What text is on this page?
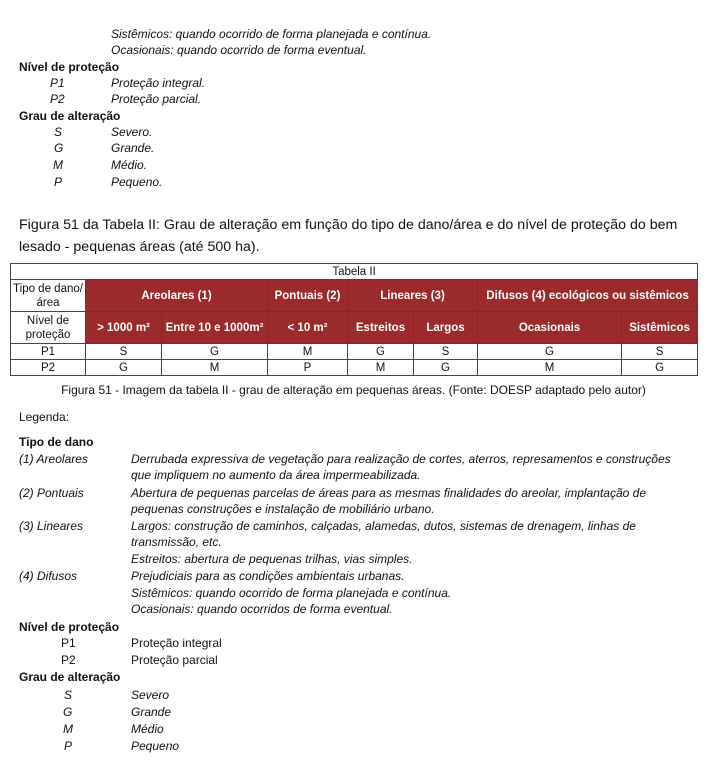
Sistêmicos: quando ocorrido de forma planejada e contínua.
Ocasionais: quando ocorrido de forma eventual.
Nível de proteção
P1	Proteção integral.
P2	Proteção parcial.
Grau de alteração
S	Severo.
G	Grande.
M	Médio.
P	Pequeno.
Figura 51 da Tabela II: Grau de alteração em função do tipo de dano/área e do nível de proteção do bem lesado - pequenas áreas (até 500 ha).
Tabela II							
Tipo de dano/área	Areolares (1)		Pontuais (2)	Lineares (3)		Difusos (4) ecológicos ou sistêmicos	
Nível de proteção	> 1000 m²	Entre 10 e 1000m²	< 10 m²	Estreitos	Largos	Ocasionais	Sistêmicos
P1	S	G	M	G	S	G	S
P2	G	M	P	M	G	M	G
Figura 51 - Imagem da tabela II - grau de alteração em pequenas áreas. (Fonte: DOESP adaptado pelo autor)
Legenda:
Tipo de dano
(1) Areolares	Derrubada expressiva de vegetação para realização de cortes, aterros, represamentos e construções
que impliquem no aumento da área impermeabilizada.
(2) Pontuais	Abertura de pequenas parcelas de áreas para as mesmas finalidades do areolar, implantação de
pequenas construções e instalação de mobiliário urbano.
(3) Lineares	Largos: construção de caminhos, calçadas, alamedas, dutos, sistemas de drenagem, linhas de
transmissão, etc.
Estreitos: abertura de pequenas trilhas, vias simples.
(4) Difusos	Prejudiciais para as condições ambientais urbanas.
Sistêmicos: quando ocorrido de forma planejada e contínua.
Ocasionais: quando ocorridos de forma eventual.
Nível de proteção
P1	Proteção integral
P2	Proteção parcial
Grau de alteração
S	Severo
G	Grande
M	Médio
P	Pequeno
